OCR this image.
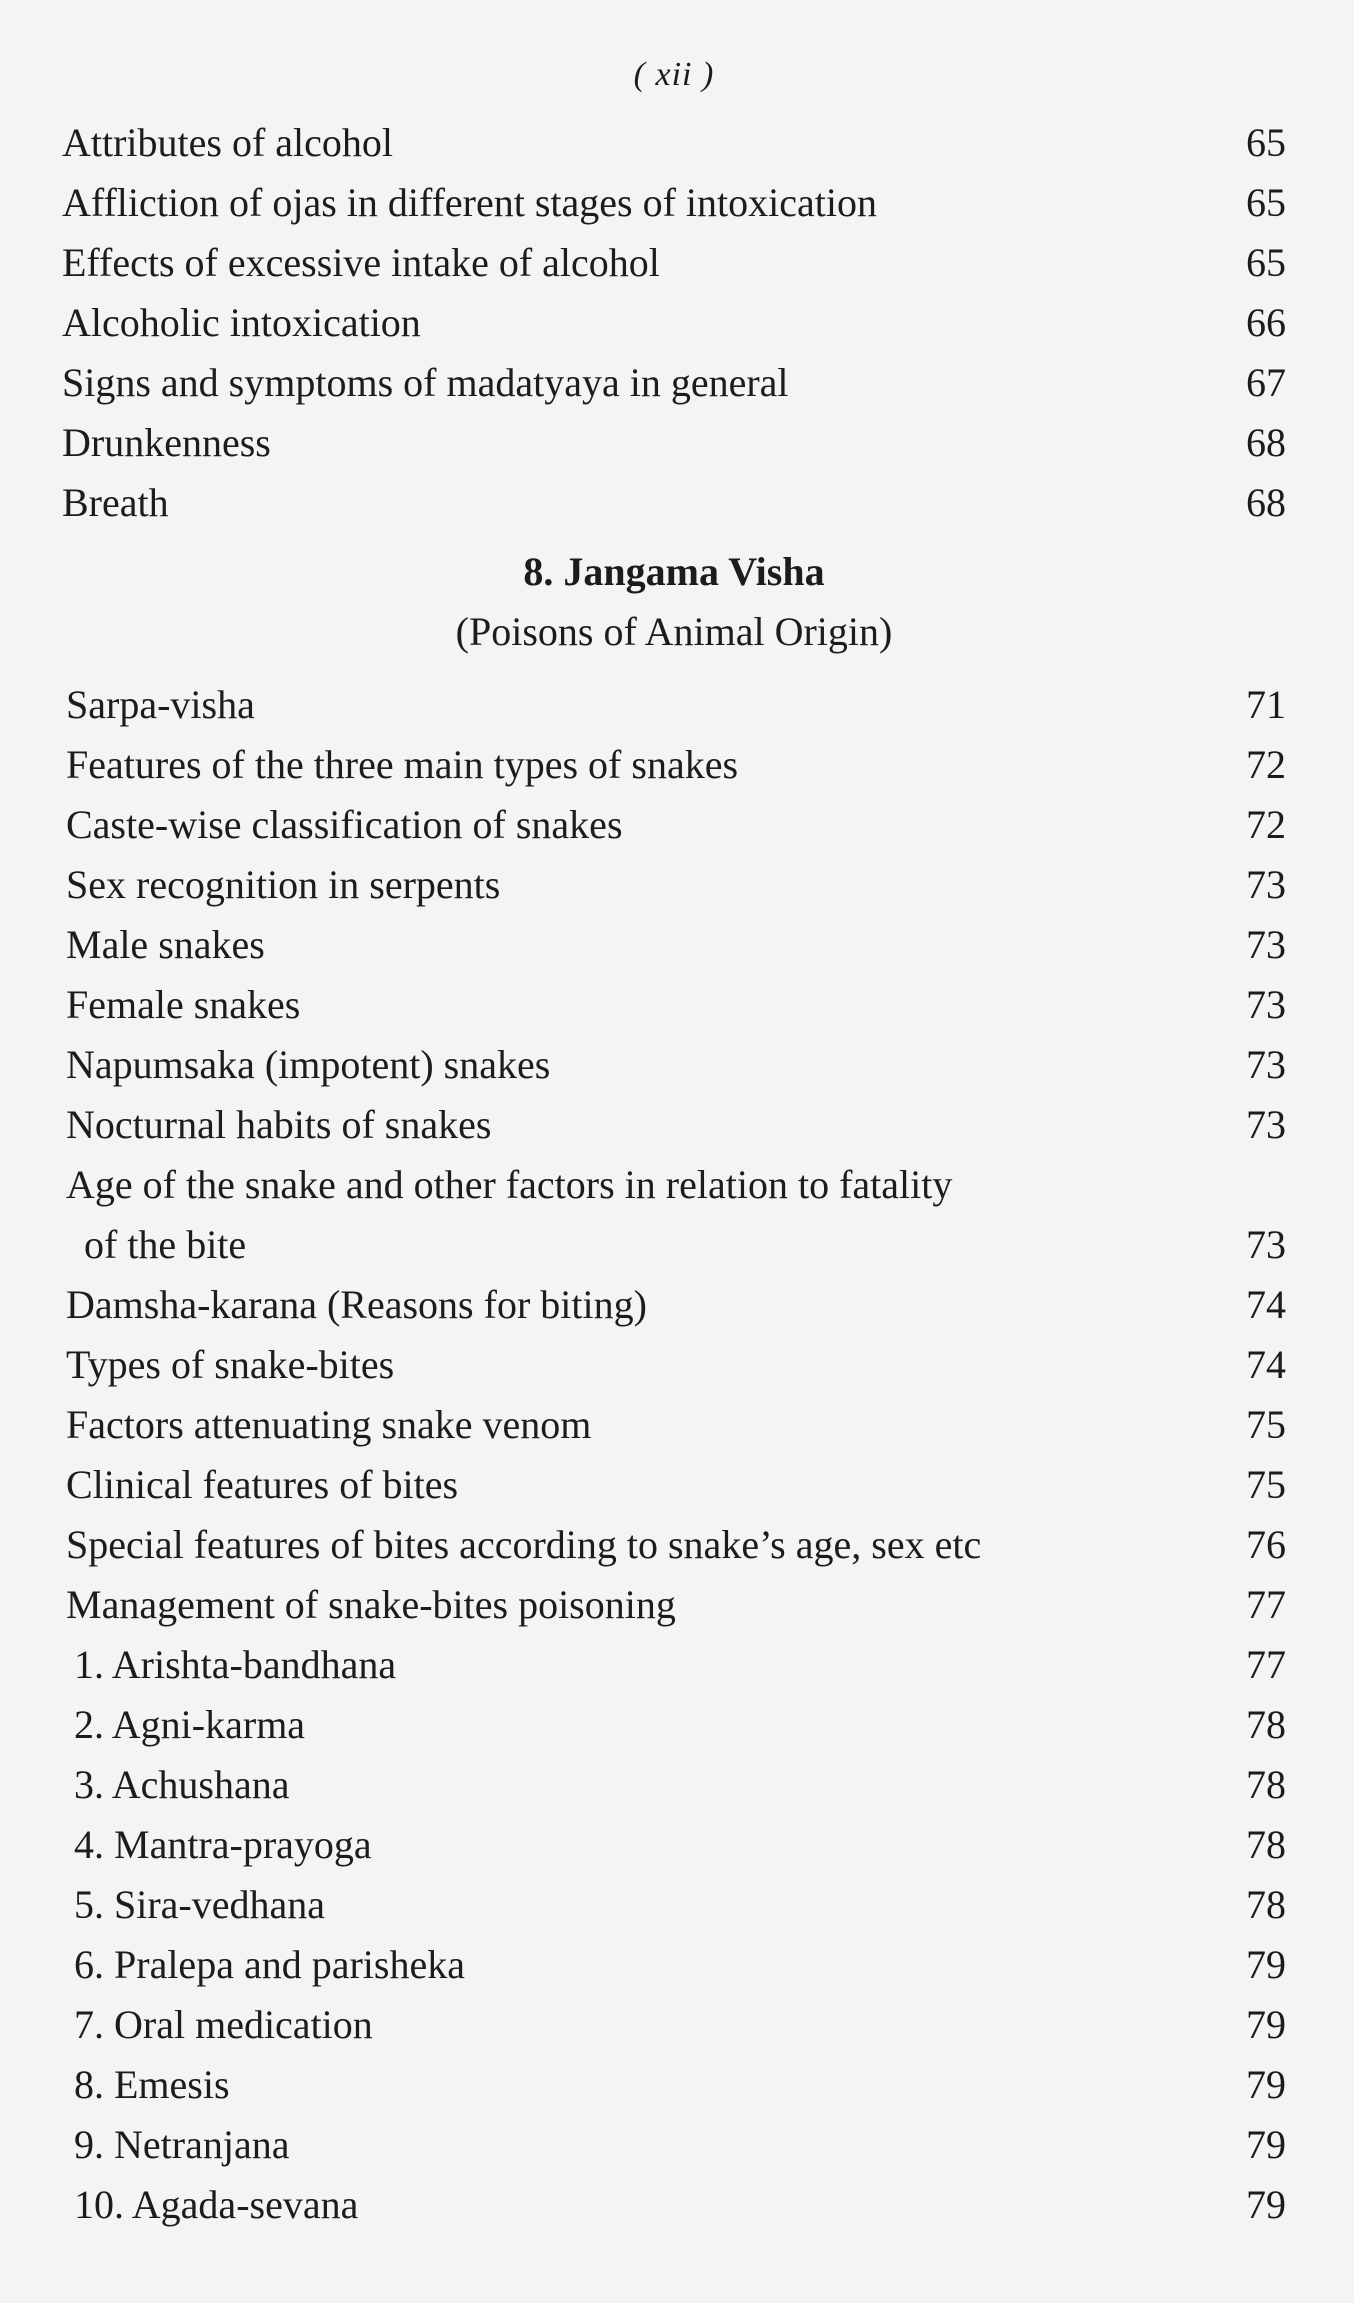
( xii )
Attributes of alcohol	65
Affliction of ojas in different stages of intoxication	65
Effects of excessive intake of alcohol	65
Alcoholic intoxication	66
Signs and symptoms of madatyaya in general	67
Drunkenness	68
Breath	68
8. Jangama Visha
(Poisons of Animal Origin)
Sarpa-visha	71
Features of the three main types of snakes	72
Caste-wise classification of snakes	72
Sex recognition in serpents	73
Male snakes	73
Female snakes	73
Napumsaka (impotent) snakes	73
Nocturnal habits of snakes	73
Age of the snake and other factors in relation to fatality
of the bite	73
Damsha-karana (Reasons for biting)	74
Types of snake-bites	74
Factors attenuating snake venom	75
Clinical features of bites	75
Special features of bites according to snake’s age, sex etc	76
Management of snake-bites poisoning	77
1. Arishta-bandhana	77
2. Agni-karma	78
3. Achushana	78
4. Mantra-prayoga	78
5. Sira-vedhana	78
6. Pralepa and parisheka	79
7. Oral medication	79
8. Emesis	79
9. Netranjana	79
10. Agada-sevana	79
